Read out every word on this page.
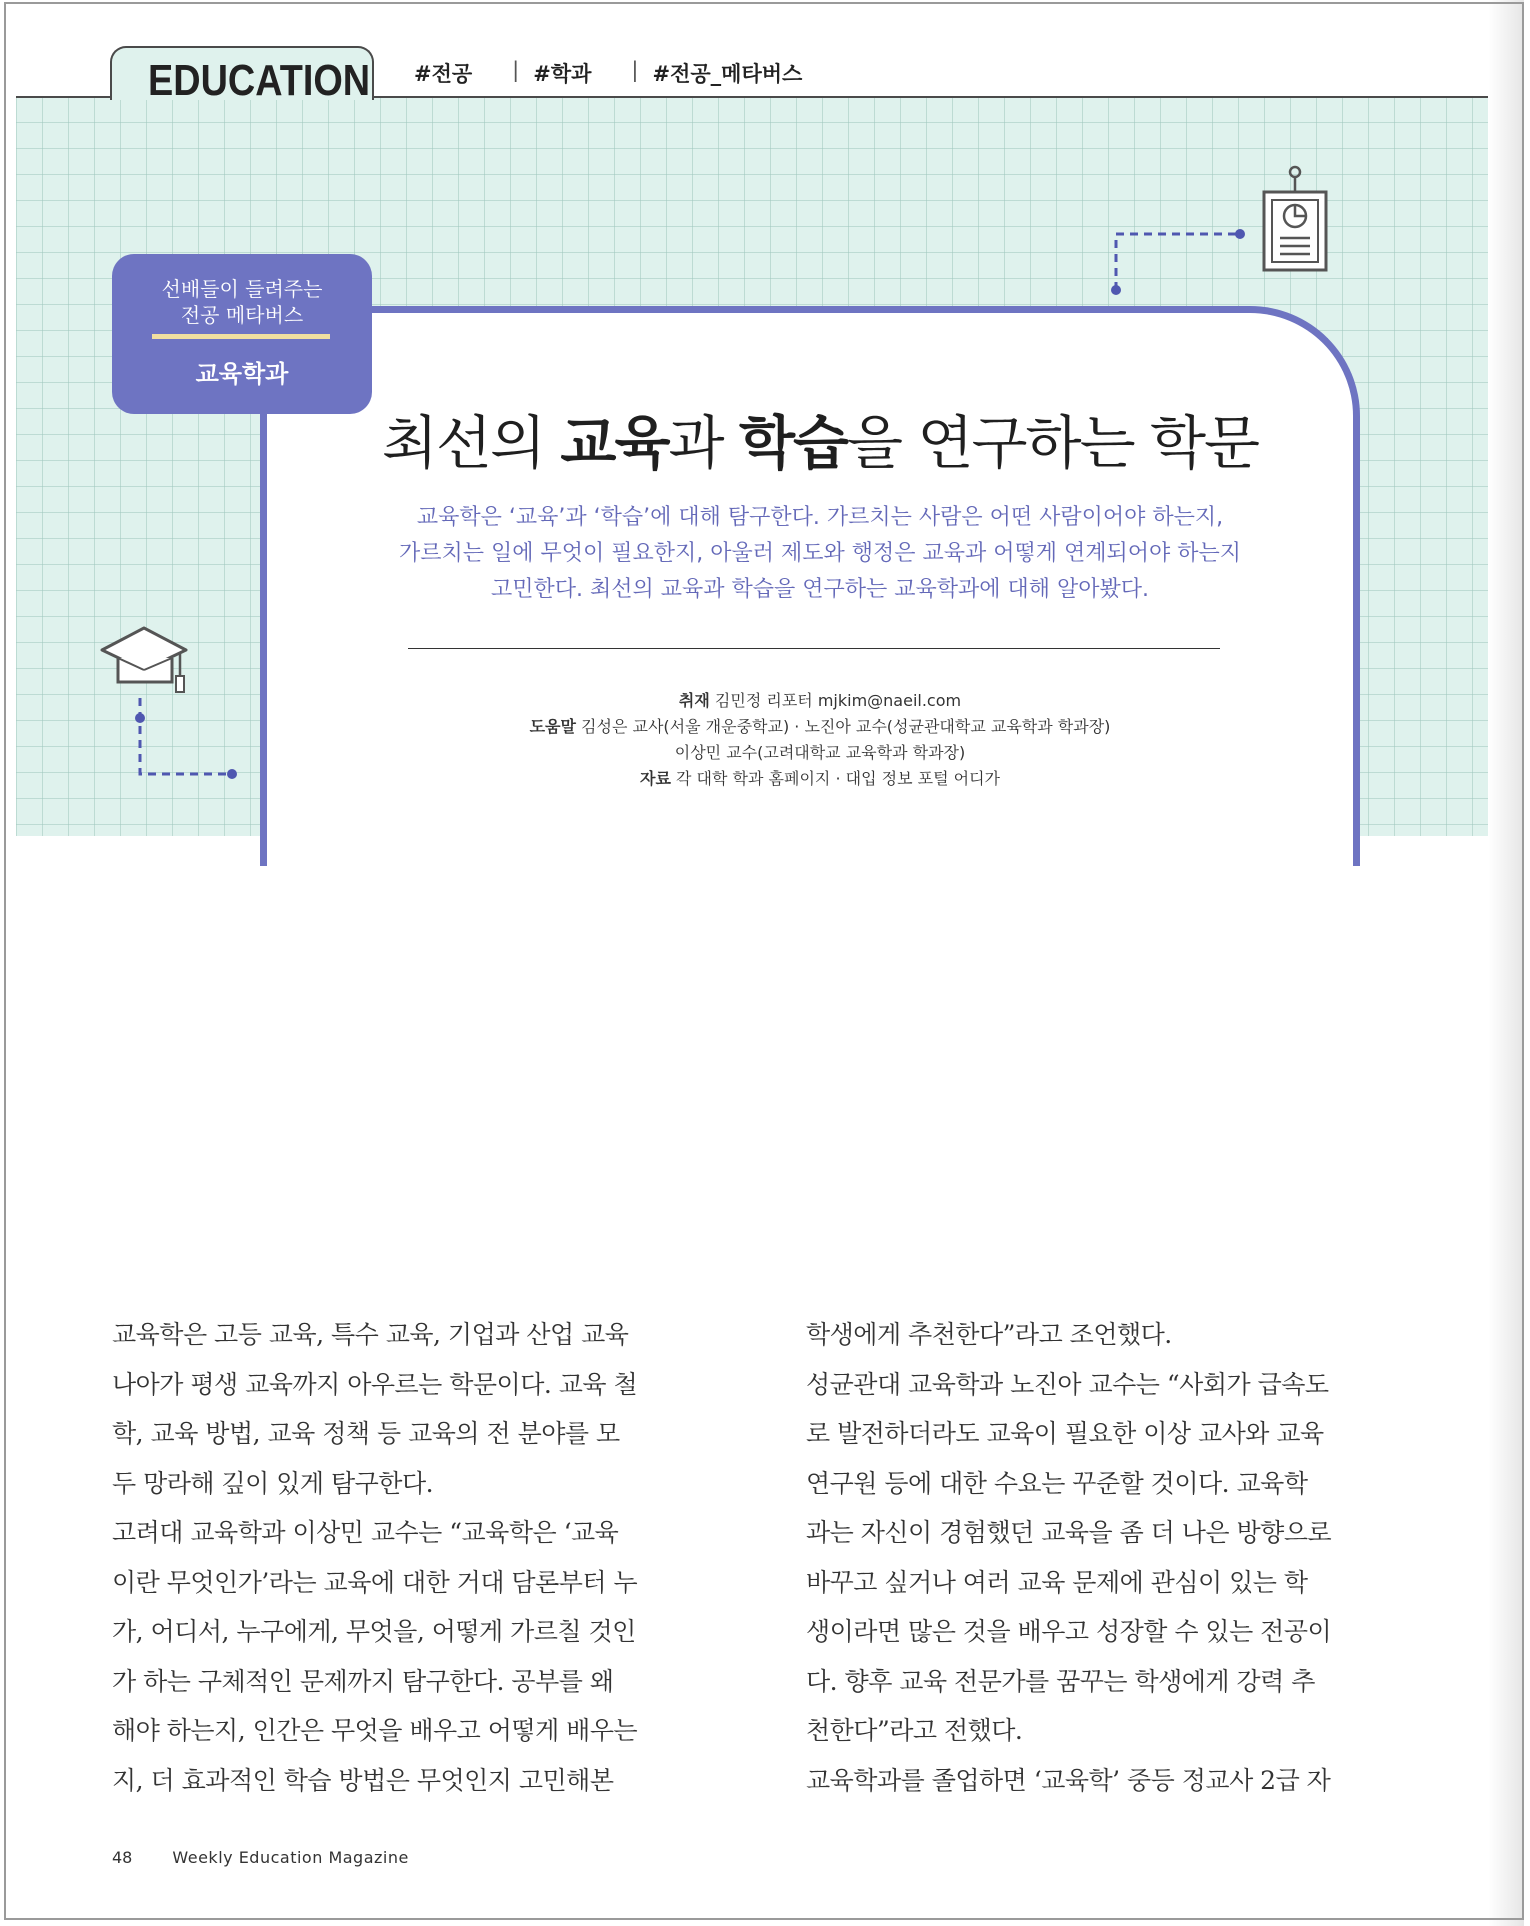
EDUCATION #전공 | #학과 | #전공_메타버스
선배들이 들려주는
전공 메타버스
교육학과
최선의 교육과 학습을 연구하는 학문
교육학은 ‘교육’과 ‘학습’에 대해 탐구한다. 가르치는 사람은 어떤 사람이어야 하는지,
가르치는 일에 무엇이 필요한지, 아울러 제도와 행정은 교육과 어떻게 연계되어야 하는지
고민한다. 최선의 교육과 학습을 연구하는 교육학과에 대해 알아봤다.
취재 김민정 리포터 mjkim@naeil.com
도움말 김성은 교사(서울 개운중학교) · 노진아 교수(성균관대학교 교육학과 학과장)
이상민 교수(고려대학교 교육학과 학과장)
자료 각 대학 학과 홈페이지 · 대입 정보 포털 어디가

교육학은 고등 교육, 특수 교육, 기업과 산업 교육

나아가 평생 교육까지 아우르는 학문이다. 교육 철

학, 교육 방법, 교육 정책 등 교육의 전 분야를 모

두 망라해 깊이 있게 탐구한다.

고려대 교육학과 이상민 교수는 “교육학은 ‘교육

이란 무엇인가’라는 교육에 대한 거대 담론부터 누

가, 어디서, 누구에게, 무엇을, 어떻게 가르칠 것인

가 하는 구체적인 문제까지 탐구한다. 공부를 왜

해야 하는지, 인간은 무엇을 배우고 어떻게 배우는

지, 더 효과적인 학습 방법은 무엇인지 고민해본

학생에게 추천한다”라고 조언했다.

성균관대 교육학과 노진아 교수는 “사회가 급속도

로 발전하더라도 교육이 필요한 이상 교사와 교육

연구원 등에 대한 수요는 꾸준할 것이다. 교육학

과는 자신이 경험했던 교육을 좀 더 나은 방향으로

바꾸고 싶거나 여러 교육 문제에 관심이 있는 학

생이라면 많은 것을 배우고 성장할 수 있는 전공이

다. 향후 교육 전문가를 꿈꾸는 학생에게 강력 추

천한다”라고 전했다.

교육학과를 졸업하면 ‘교육학’ 중등 정교사 2급 자

48	Weekly Education Magazine
